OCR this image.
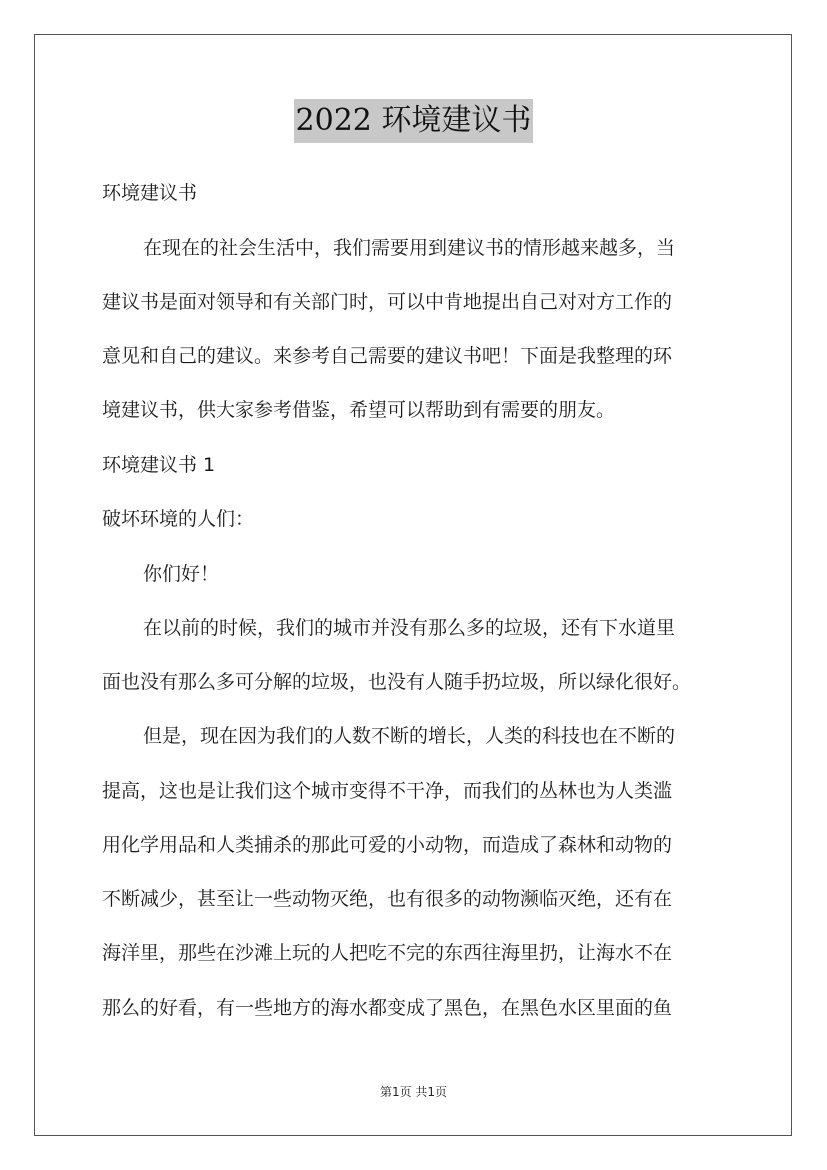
2022 环境建议书
环境建议书
在现在的社会生活中，我们需要用到建议书的情形越来越多，当
建议书是面对领导和有关部门时，可以中肯地提出自己对对方工作的
意见和自己的建议。来参考自己需要的建议书吧！下面是我整理的环
境建议书，供大家参考借鉴，希望可以帮助到有需要的朋友。
环境建议书 1
破坏环境的人们：
你们好！
在以前的时候，我们的城市并没有那么多的垃圾，还有下水道里
面也没有那么多可分解的垃圾，也没有人随手扔垃圾，所以绿化很好。
但是，现在因为我们的人数不断的增长，人类的科技也在不断的
提高，这也是让我们这个城市变得不干净，而我们的丛林也为人类滥
用化学用品和人类捕杀的那此可爱的小动物，而造成了森林和动物的
不断减少，甚至让一些动物灭绝，也有很多的动物濒临灭绝，还有在
海洋里，那些在沙滩上玩的人把吃不完的东西往海里扔，让海水不在
那么的好看，有一些地方的海水都变成了黑色，在黑色水区里面的鱼
第1页 共1页
